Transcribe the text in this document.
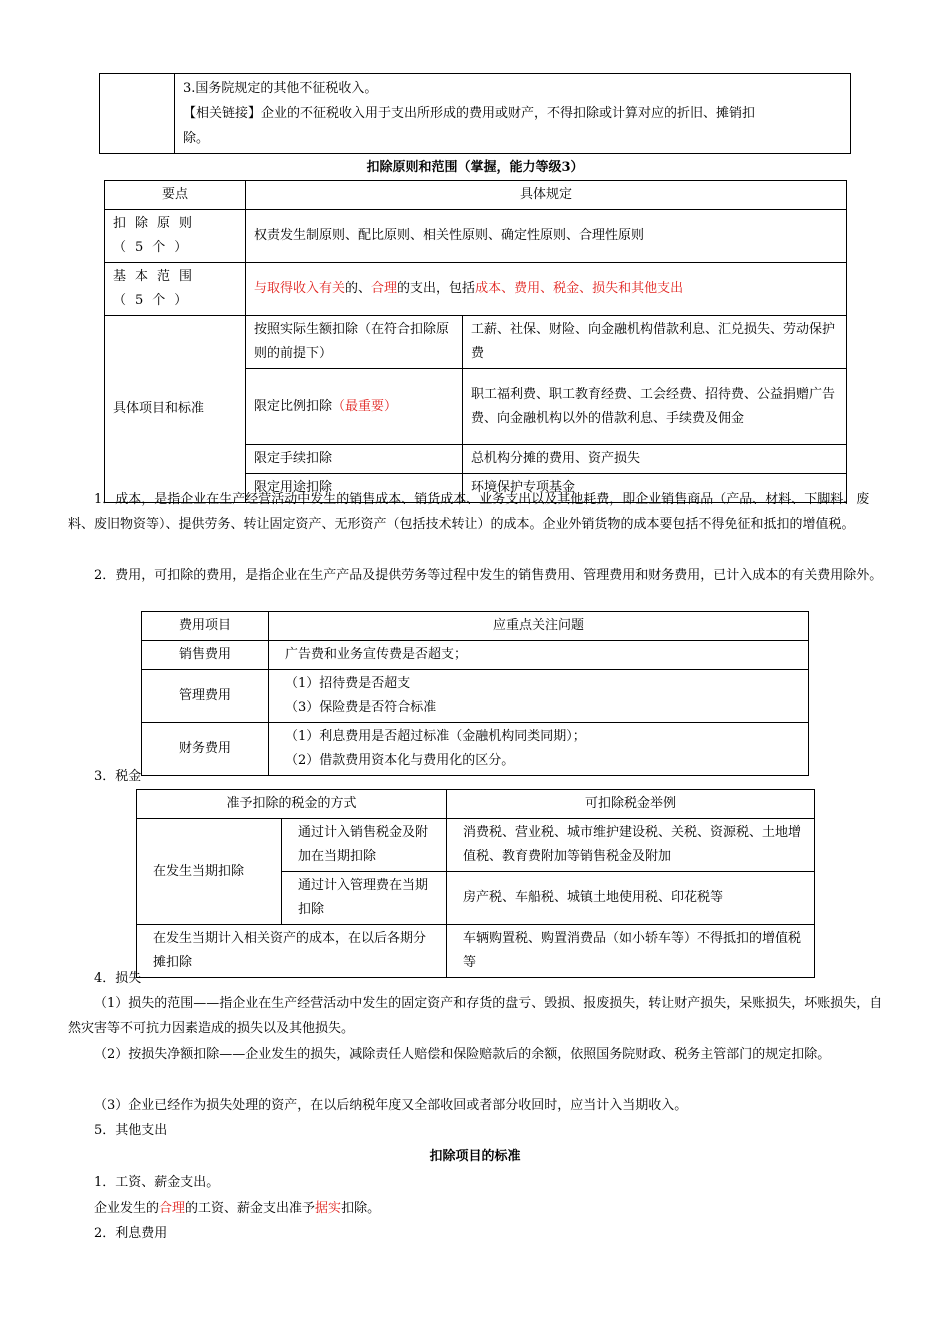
3.国务院规定的其他不征税收入。
【相关链接】企业的不征税收入用于支出所形成的费用或财产，不得扣除或计算对应的折旧、摊销扣
除。
扣除原则和范围（掌握，能力等级3）
要点	具体规定	
扣除原则（5个）	权责发生制原则、配比原则、相关性原则、确定性原则、合理性原则	
基本范围（5个）	与取得收入有关的、合理的支出，包括成本、费用、税金、损失和其他支出	
具体项目和标准	按照实际生额扣除（在符合扣除原则的前提下）	工薪、社保、财险、向金融机构借款利息、汇兑损失、劳动保护费
	限定比例扣除（最重要）	职工福利费、职工教育经费、工会经费、招待费、公益捐赠广告费、向金融机构以外的借款利息、手续费及佣金
	限定手续扣除	总机构分摊的费用、资产损失
	限定用途扣除	环境保护专项基金
1．成本，是指企业在生产经营活动中发生的销售成本、销货成本、业务支出以及其他耗费，即企业销售商品（产品、材料、下脚料、废料、废旧物资等）、提供劳务、转让固定资产、无形资产（包括技术转让）的成本。企业外销货物的成本要包括不得免征和抵扣的增值税。
2．费用，可扣除的费用，是指企业在生产产品及提供劳务等过程中发生的销售费用、管理费用和财务费用，已计入成本的有关费用除外。
费用项目	应重点关注问题
销售费用	广告费和业务宣传费是否超支；

管理费用	（1）招待费是否超支
（3）保险费是否符合标准

财务费用	（1）利息费用是否超过标准（金融机构同类同期）；
（2）借款费用资本化与费用化的区分。
3．税金
准予扣除的税金的方式		可扣除税金举例
在发生当期扣除	通过计入销售税金及附加在当期扣除	消费税、营业税、城市维护建设税、关税、资源税、土地增值税、教育费附加等销售税金及附加
	通过计入管理费在当期扣除	房产税、车船税、城镇土地使用税、印花税等
在发生当期计入相关资产的成本，在以后各期分摊扣除		车辆购置税、购置消费品（如小轿车等）不得抵扣的增值税等
4．损失
（1）损失的范围——指企业在生产经营活动中发生的固定资产和存货的盘亏、毁损、报废损失，转让财产损失，呆账损失，坏账损失，自然灾害等不可抗力因素造成的损失以及其他损失。
（2）按损失净额扣除——企业发生的损失，减除责任人赔偿和保险赔款后的余额，依照国务院财政、税务主管部门的规定扣除。
（3）企业已经作为损失处理的资产，在以后纳税年度又全部收回或者部分收回时，应当计入当期收入。
5．其他支出
扣除项目的标准
1．工资、薪金支出。
企业发生的合理的工资、薪金支出准予据实扣除。
2．利息费用
